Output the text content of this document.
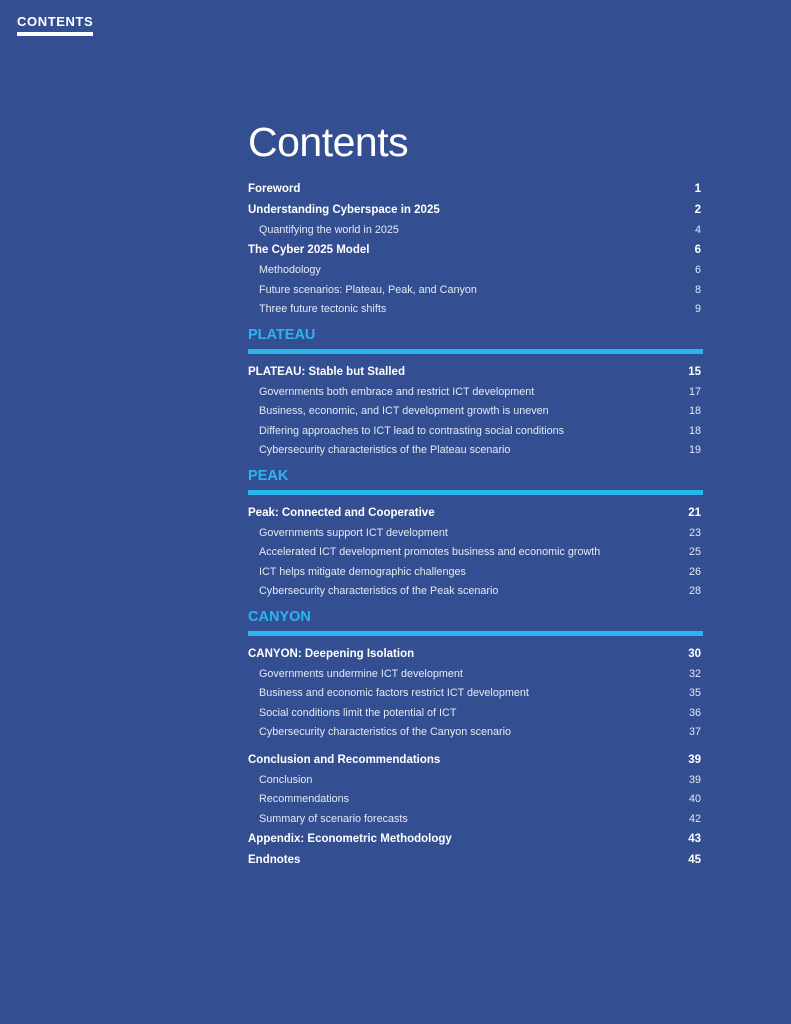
CONTENTS
Contents
Foreword	1
Understanding Cyberspace in 2025	2
Quantifying the world in 2025	4
The Cyber 2025 Model	6
Methodology	6
Future scenarios: Plateau, Peak, and Canyon	8
Three future tectonic shifts	9
PLATEAU
PLATEAU: Stable but Stalled	15
Governments both embrace and restrict ICT development	17
Business, economic, and ICT development growth is uneven	18
Differing approaches to ICT lead to contrasting social conditions	18
Cybersecurity characteristics of the Plateau scenario	19
PEAK
Peak: Connected and Cooperative	21
Governments support ICT development	23
Accelerated ICT development promotes business and economic growth	25
ICT helps mitigate demographic challenges	26
Cybersecurity characteristics of the Peak scenario	28
CANYON
CANYON: Deepening Isolation	30
Governments undermine ICT development	32
Business and economic factors restrict ICT development	35
Social conditions limit the potential of ICT	36
Cybersecurity characteristics of the Canyon scenario	37
Conclusion and Recommendations	39
Conclusion	39
Recommendations	40
Summary of scenario forecasts	42
Appendix: Econometric Methodology	43
Endnotes	45
